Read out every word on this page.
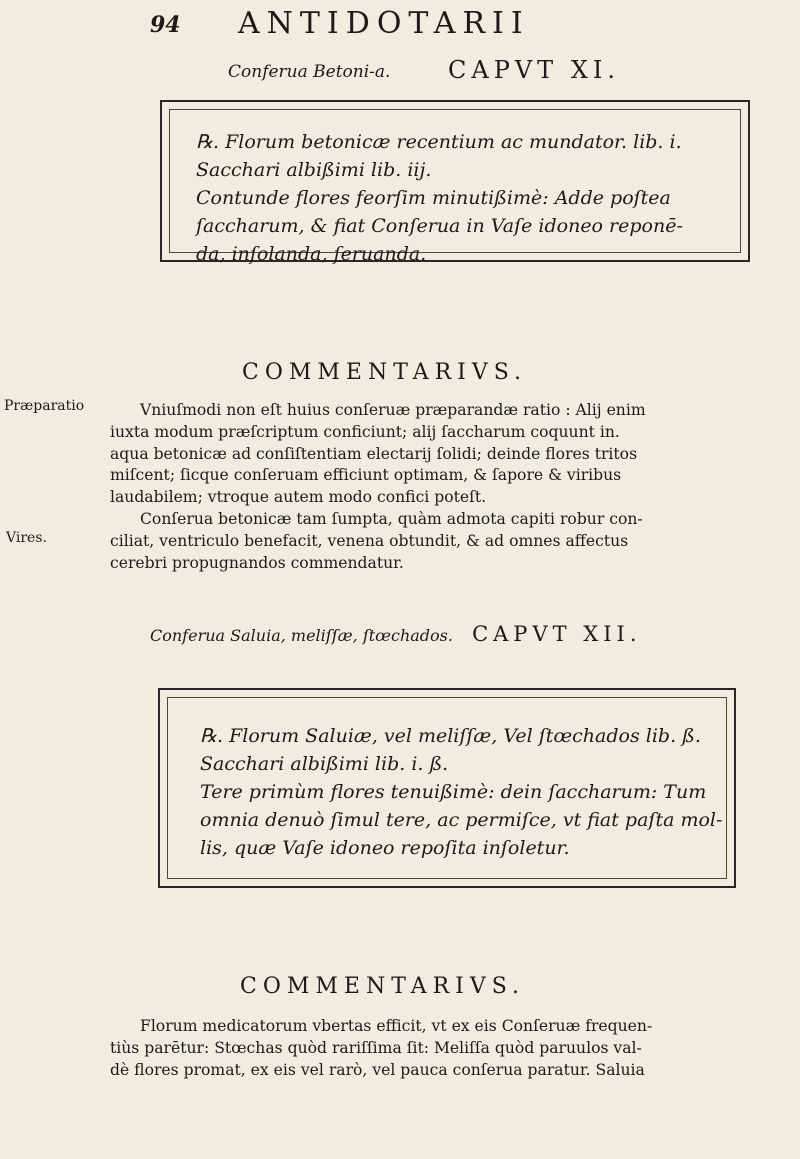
94 ANTIDOTARII
Conferua Betoni-a. CAPVT XI.
℞. Florum betonicæ recentium ac mundator. lib. i.
Sacchari albißimi lib. iij.
Contunde flores feorſim minutißimè: Adde poſtea
ſaccharum, & fiat Conſerua in Vaſe idoneo reponē-
da, inſolanda, ſeruanda.
COMMENTARIVS.
Præparatio
Vires.
Vniuſmodi non eſt huius conſeruæ præparandæ ratio : Alij enim
iuxta modum præſcriptum conficiunt; alij ſaccharum coquunt in.
aqua betonicæ ad conſiſtentiam electarij ſolidi; deinde flores tritos
miſcent; ſicque conſeruam efficiunt optimam, & ſapore & viribus
laudabilem; vtroque autem modo confici poteſt.
Conſerua betonicæ tam ſumpta, quàm admota capiti robur con-
ciliat, ventriculo benefacit, venena obtundit, & ad omnes affectus
cerebri propugnandos commendatur.
Conferua Saluia, meliſſæ, ſtœchados. CAPVT XII.
℞. Florum Saluiæ, vel meliſſæ, Vel ſtœchados lib. ß.
Sacchari albißimi lib. i. ß.
Tere primùm flores tenuißimè: dein ſaccharum: Tum
omnia denuò ſimul tere, ac permiſce, vt fiat paſta mol-
lis, quæ Vaſe idoneo repoſita inſoletur.
COMMENTARIVS.
Florum medicatorum vbertas efficit, vt ex eis Conſeruæ frequen-
tiùs parētur: Stœchas quòd rariſſima ſit: Meliſſa quòd paruulos val-
dè flores promat, ex eis vel rarò, vel pauca conſerua paratur. Saluia
